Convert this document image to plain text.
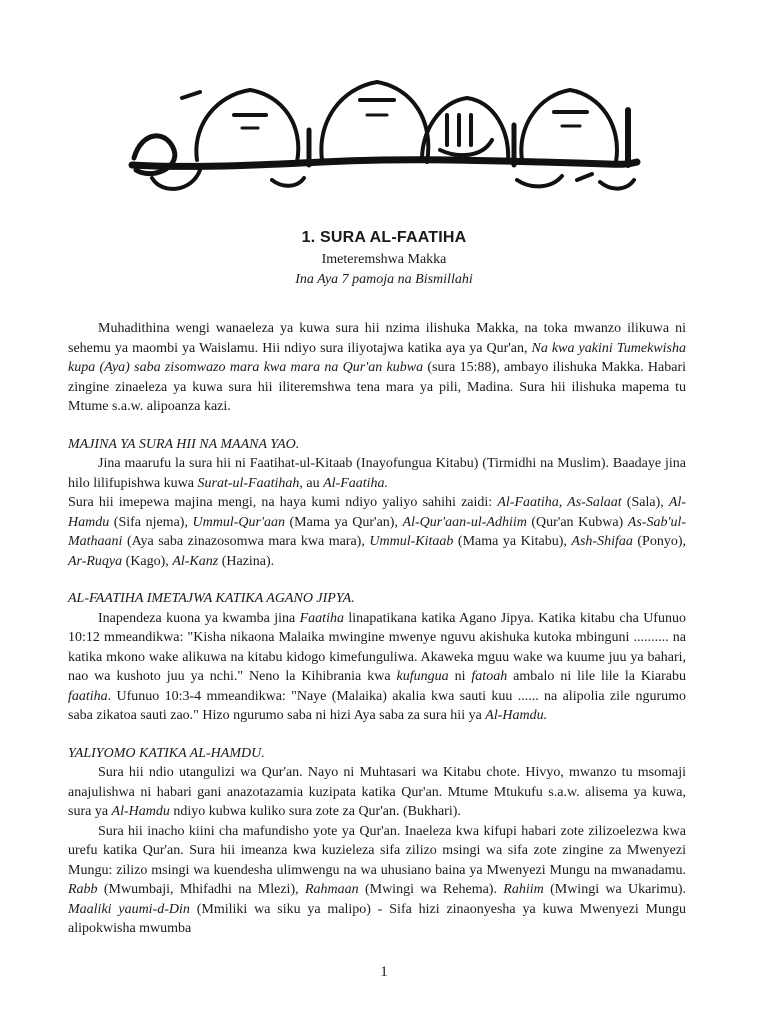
1. SURA AL-FAATIHA

Imeteremshwa Makka

Ina Aya 7 pamoja na Bismillahi

Muhadithina wengi wanaeleza ya kuwa sura hii nzima ilishuka Makka, na toka mwanzo ilikuwa ni sehemu ya maombi ya Waislamu. Hii ndiyo sura iliyotajwa katika aya ya Qur'an, Na kwa yakini Tumekwisha kupa (Aya) saba zisomwazo mara kwa mara na Qur'an kubwa (sura 15:88), ambayo ilishuka Makka. Habari zingine zinaeleza ya kuwa sura hii iliteremshwa tena mara ya pili, Madina. Sura hii ilishuka mapema tu Mtume s.a.w. alipoanza kazi.

MAJINA YA SURA HII NA MAANA YAO.

Jina maarufu la sura hii ni Faatihat-ul-Kitaab (Inayofungua Kitabu) (Tirmidhi na Muslim). Baadaye jina hilo lilifupishwa kuwa Surat-ul-Faatihah, au Al-Faatiha.

Sura hii imepewa majina mengi, na haya kumi ndiyo yaliyo sahihi zaidi: Al-Faatiha, As-Salaat (Sala), Al-Hamdu (Sifa njema), Ummul-Qur'aan (Mama ya Qur'an), Al-Qur'aan-ul-Adhiim (Qur'an Kubwa) As-Sab'ul-Mathaani (Aya saba zinazosomwa mara kwa mara), Ummul-Kitaab (Mama ya Kitabu), Ash-Shifaa (Ponyo), Ar-Ruqya (Kago), Al-Kanz (Hazina).

AL-FAATIHA IMETAJWA KATIKA AGANO JIPYA.

Inapendeza kuona ya kwamba jina Faatiha linapatikana katika Agano Jipya. Katika kitabu cha Ufunuo 10:12 mmeandikwa: "Kisha nikaona Malaika mwingine mwenye nguvu akishuka kutoka mbinguni .......... na katika mkono wake alikuwa na kitabu kidogo kimefunguliwa. Akaweka mguu wake wa kuume juu ya bahari, nao wa kushoto juu ya nchi." Neno la Kihibrania kwa kufungua ni fatoah ambalo ni lile lile la Kiarabu faatiha. Ufunuo 10:3-4 mmeandikwa: "Naye (Malaika) akalia kwa sauti kuu ...... na alipolia zile ngurumo saba zikatoa sauti zao." Hizo ngurumo saba ni hizi Aya saba za sura hii ya Al-Hamdu.

YALIYOMO KATIKA AL-HAMDU.

Sura hii ndio utangulizi wa Qur'an. Nayo ni Muhtasari wa Kitabu chote. Hivyo, mwanzo tu msomaji anajulishwa ni habari gani anazotazamia kuzipata katika Qur'an. Mtume Mtukufu s.a.w. alisema ya kuwa, sura ya Al-Hamdu ndiyo kubwa kuliko sura zote za Qur'an. (Bukhari).

Sura hii inacho kiini cha mafundisho yote ya Qur'an. Inaeleza kwa kifupi habari zote zilizoelezwa kwa urefu katika Qur'an. Sura hii imeanza kwa kuzieleza sifa zilizo msingi wa sifa zote zingine za Mwenyezi Mungu: zilizo msingi wa kuendesha ulimwengu na wa uhusiano baina ya Mwenyezi Mungu na mwanadamu. Rabb (Mwumbaji, Mhifadhi na Mlezi), Rahmaan (Mwingi wa Rehema). Rahiim (Mwingi wa Ukarimu). Maaliki yaumi-d-Din (Mmiliki wa siku ya malipo) - Sifa hizi zinaonyesha ya kuwa Mwenyezi Mungu alipokwisha mwumba

1
